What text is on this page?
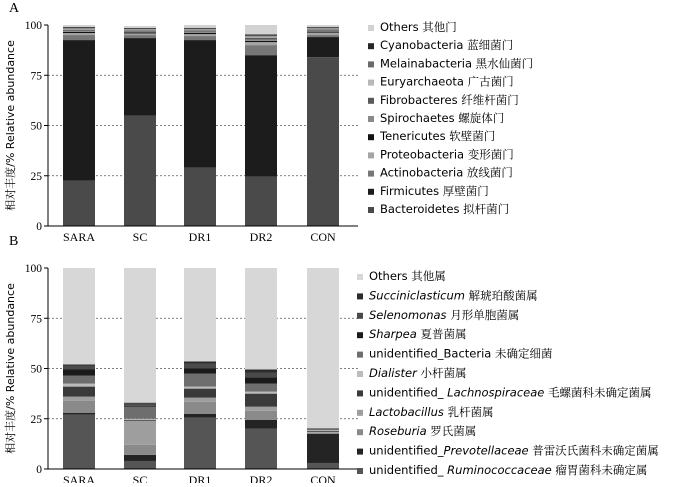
A
SARA	SC	DR1	DR2	CON
0
25
50
75
100
相对丰度/% Relative abundance
Others 其他门
Cyanobacteria 蓝细菌门
Melainabacteria 黑水仙菌门
Euryarchaeota 广古菌门
Fibrobacteres 纤维杆菌门
Spirochaetes 螺旋体门
Tenericutes 软壁菌门
Proteobacteria 变形菌门
Actinobacteria 放线菌门
Firmicutes 厚壁菌门
Bacteroidetes 拟杆菌门
B
SARA	SC	DR1	DR2	CON
0
25
50
75
100
相对丰度/% Relative abundance
Others 其他属
Succiniclasticum 解琥珀酸菌属
Selenomonas 月形单胞菌属
Sharpea 夏普菌属
unidentified_Bacteria 未确定细菌
Dialister 小杆菌属
unidentified_ Lachnospiraceae 毛螺菌科未确定菌属
Lactobacillus 乳杆菌属
Roseburia 罗氏菌属
unidentified_Prevotellaceae 普雷沃氏菌科未确定菌属
unidentified_ Ruminococcaceae 瘤胃菌科未确定属
